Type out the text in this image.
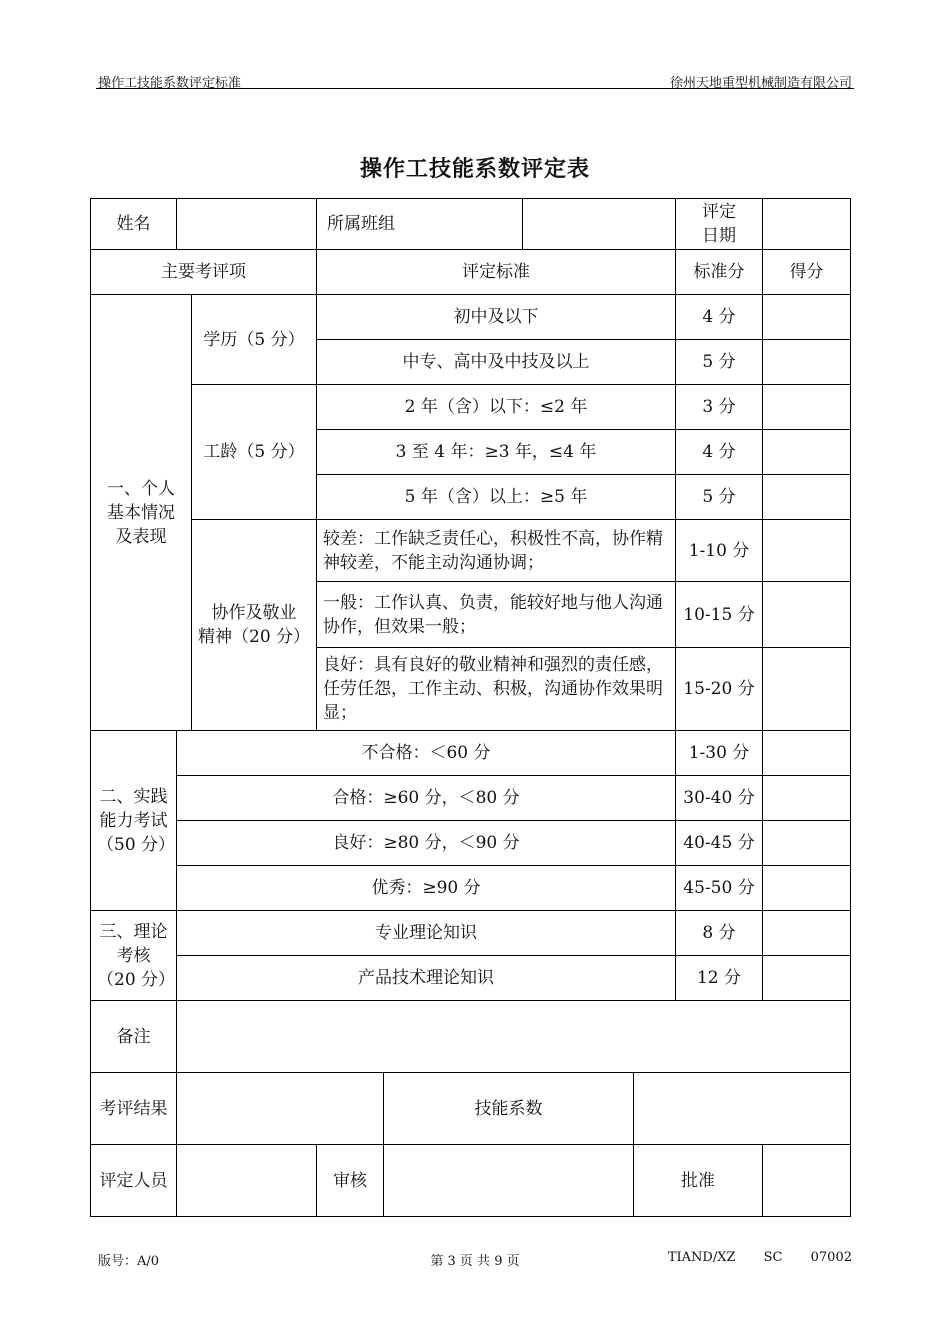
操作工技能系数评定标准	徐州天地重型机械制造有限公司
操作工技能系数评定表
姓名			所属班组				评定
日期	
主要考评项			评定标准				标准分	得分
一、个人
基本情况
及表现		学历（5 分）	初中及以下				4 分	
			中专、高中及中技及以上				5 分	
		工龄（5 分）	2 年（含）以下：≤2 年				3 分	
			3 至 4 年：≥3 年，≤4 年				4 分	
			5 年（含）以上：≥5 年				5 分	
		协作及敬业
精神（20 分）	较差：工作缺乏责任心，积极性不高，协作精神较差，不能主动沟通协调；				1-10 分	
			一般：工作认真、负责，能较好地与他人沟通协作，但效果一般；				10-15 分	
			良好：具有良好的敬业精神和强烈的责任感，任劳任怨，工作主动、积极，沟通协作效果明显；				15-20 分	
二、实践
能力考试
（50 分）	不合格：＜60 分						1-30 分	
	合格：≥60 分，＜80 分						30-40 分	
	良好：≥80 分，＜90 分						40-45 分	
	优秀：≥90 分						45-50 分	
三、理论
考核
（20 分）	专业理论知识						8 分	
	产品技术理论知识						12 分	
备注								
考评结果				技能系数				
评定人员			审核			批准		
版号：A/0	第 3 页 共 9 页	TIAND/XZ SC 07002
